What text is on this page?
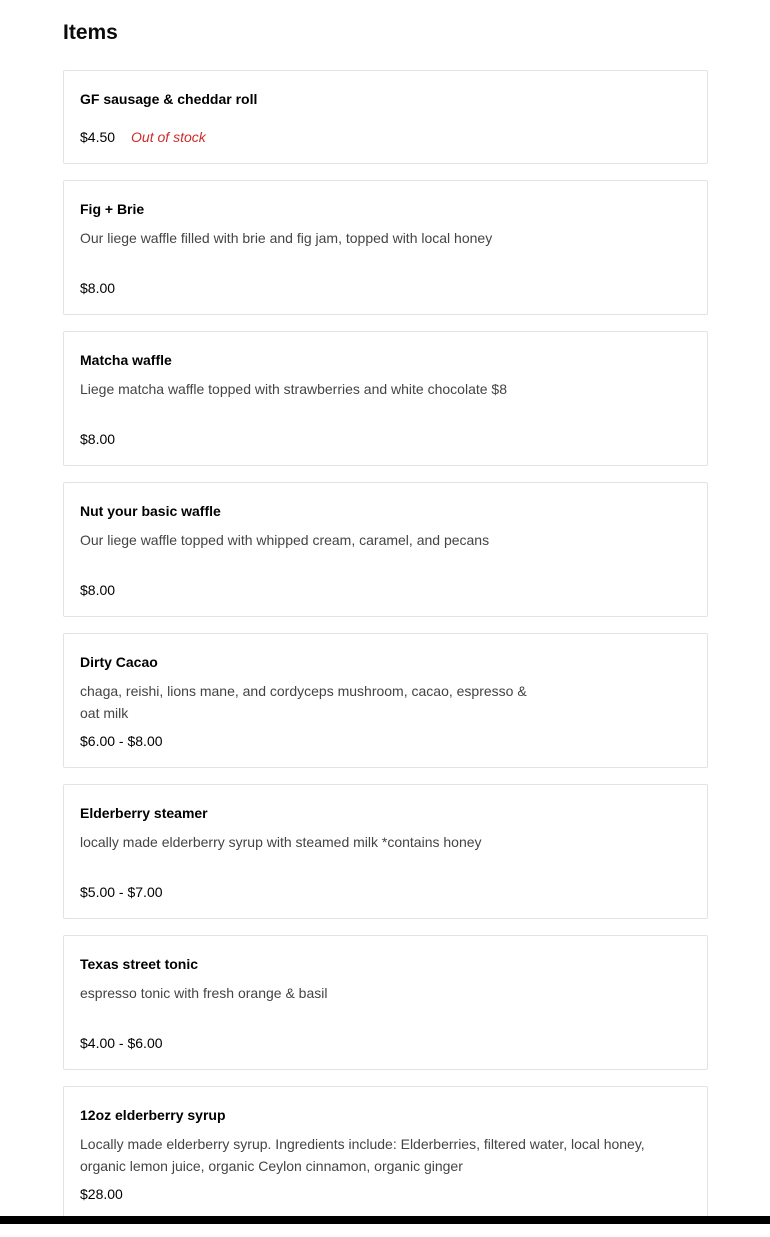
Items
GF sausage & cheddar roll
$4.50 Out of stock
Fig + Brie
Our liege waffle filled with brie and fig jam, topped with local honey
$8.00
Matcha waffle
Liege matcha waffle topped with strawberries and white chocolate $8
$8.00
Nut your basic waffle
Our liege waffle topped with whipped cream, caramel, and pecans
$8.00
Dirty Cacao
chaga, reishi, lions mane, and cordyceps mushroom, cacao, espresso & oat milk
$6.00 - $8.00
Elderberry steamer
locally made elderberry syrup with steamed milk *contains honey
$5.00 - $7.00
Texas street tonic
espresso tonic with fresh orange & basil
$4.00 - $6.00
12oz elderberry syrup
Locally made elderberry syrup. Ingredients include: Elderberries, filtered water, local honey, organic lemon juice, organic Ceylon cinnamon, organic ginger
$28.00
